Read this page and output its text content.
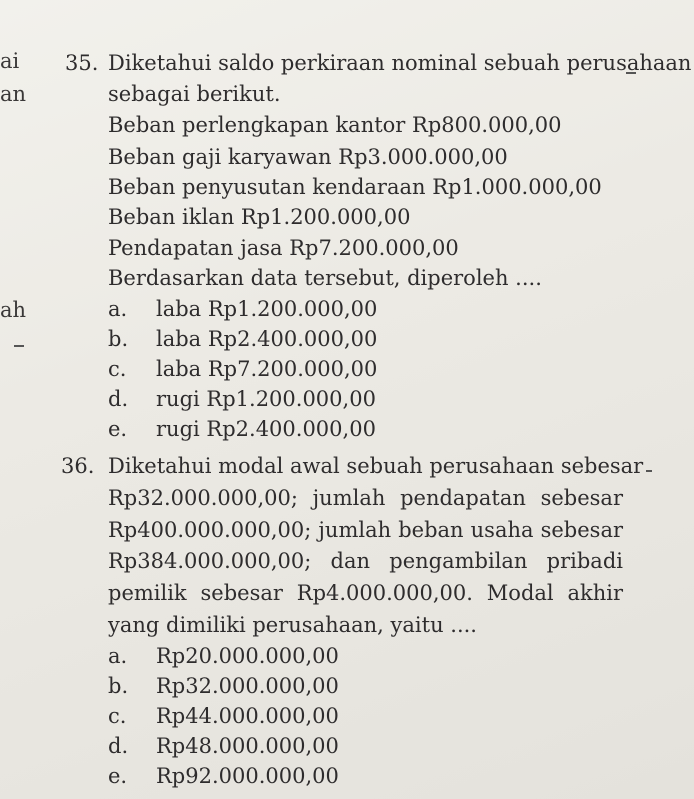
ai
an
ah
35. Diketahui saldo perkiraan nominal sebuah perusahaan
sebagai berikut.
Beban perlengkapan kantor Rp800.000,00
Beban gaji karyawan Rp3.000.000,00
Beban penyusutan kendaraan Rp1.000.000,00
Beban iklan Rp1.200.000,00
Pendapatan jasa Rp7.200.000,00
Berdasarkan data tersebut, diperoleh ....
a. laba Rp1.200.000,00
b. laba Rp2.400.000,00
c. laba Rp7.200.000,00
d. rugi Rp1.200.000,00
e. rugi Rp2.400.000,00
36. Diketahui modal awal sebuah perusahaan sebesar
Rp32.000.000,00; jumlah pendapatan sebesar
Rp400.000.000,00; jumlah beban usaha sebesar
Rp384.000.000,00; dan pengambilan pribadi
pemilik sebesar Rp4.000.000,00. Modal akhir
yang dimiliki perusahaan, yaitu ....
a. Rp20.000.000,00
b. Rp32.000.000,00
c. Rp44.000.000,00
d. Rp48.000.000,00
e. Rp92.000.000,00
